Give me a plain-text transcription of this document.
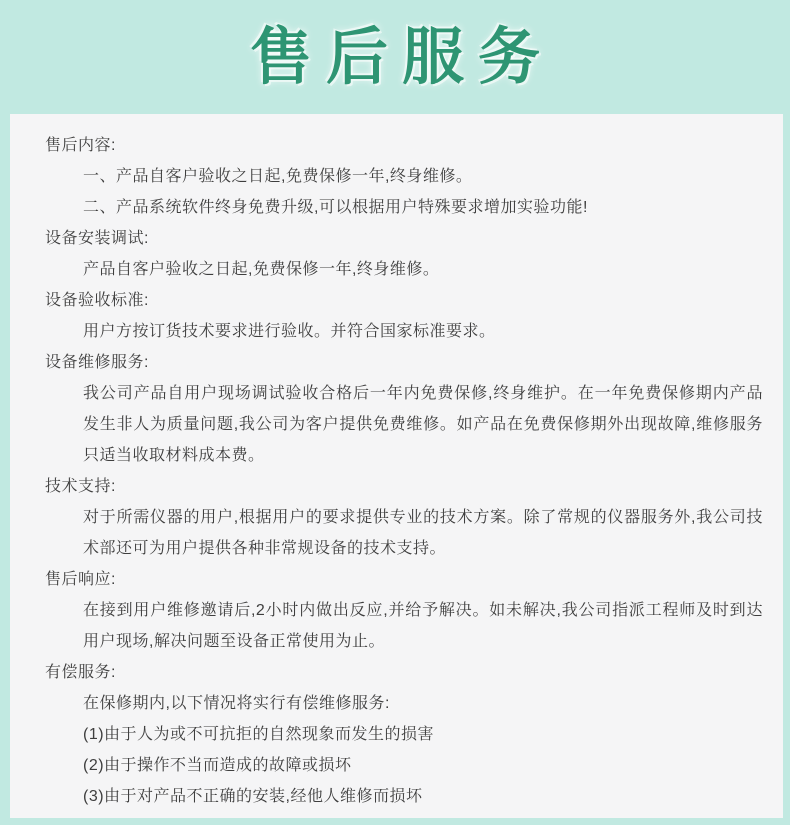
售后服务
售后内容:

一、产品自客户验收之日起,免费保修一年,终身维修。

二、产品系统软件终身免费升级,可以根据用户特殊要求增加实验功能!

设备安装调试:

产品自客户验收之日起,免费保修一年,终身维修。

设备验收标准:

用户方按订货技术要求进行验收。并符合国家标准要求。

设备维修服务:

我公司产品自用户现场调试验收合格后一年内免费保修,终身维护。在一年免费保修期内产品发生非人为质量问题,我公司为客户提供免费维修。如产品在免费保修期外出现故障,维修服务只适当收取材料成本费。

技术支持:

对于所需仪器的用户,根据用户的要求提供专业的技术方案。除了常规的仪器服务外,我公司技术部还可为用户提供各种非常规设备的技术支持。

售后响应:

在接到用户维修邀请后,2小时内做出反应,并给予解决。如未解决,我公司指派工程师及时到达用户现场,解决问题至设备正常使用为止。

有偿服务:

在保修期内,以下情况将实行有偿维修服务:

(1)由于人为或不可抗拒的自然现象而发生的损害

(2)由于操作不当而造成的故障或损坏

(3)由于对产品不正确的安装,经他人维修而损坏
